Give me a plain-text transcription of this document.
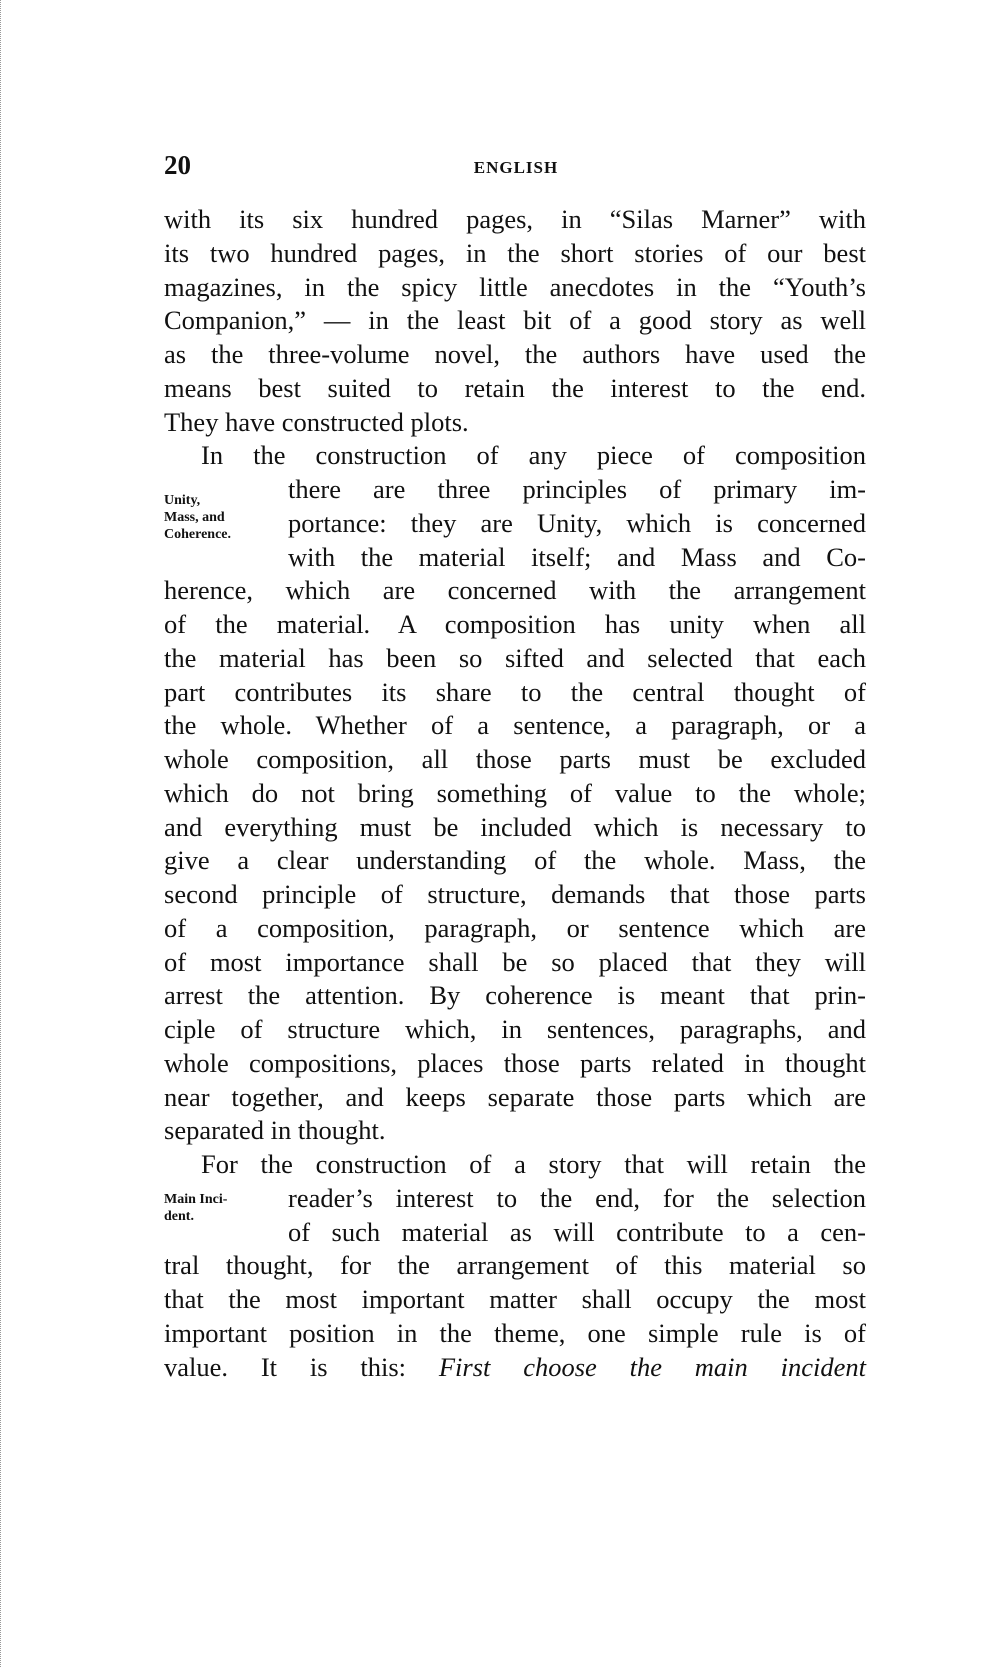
20	ENGLISH
Unity,
Mass, and
Coherence.
Main Inci-
dent.
with its six hundred pages, in “Silas Marner” with
its two hundred pages, in the short stories of our best
magazines, in the spicy little anecdotes in the “Youth’s
Companion,” — in the least bit of a good story as well
as the three-volume novel, the authors have used the
means best suited to retain the interest to the end.
They have constructed plots.
In the construction of any piece of composition
there are three principles of primary im-
portance: they are Unity, which is concerned
with the material itself; and Mass and Co-
herence, which are concerned with the arrangement
of the material. A composition has unity when all
the material has been so sifted and selected that each
part contributes its share to the central thought of
the whole. Whether of a sentence, a paragraph, or a
whole composition, all those parts must be excluded
which do not bring something of value to the whole;
and everything must be included which is necessary to
give a clear understanding of the whole. Mass, the
second principle of structure, demands that those parts
of a composition, paragraph, or sentence which are
of most importance shall be so placed that they will
arrest the attention. By coherence is meant that prin-
ciple of structure which, in sentences, paragraphs, and
whole compositions, places those parts related in thought
near together, and keeps separate those parts which are
separated in thought.
For the construction of a story that will retain the
reader’s interest to the end, for the selection
of such material as will contribute to a cen-
tral thought, for the arrangement of this material so
that the most important matter shall occupy the most
important position in the theme, one simple rule is of
value. It is this: First choose the main incident
